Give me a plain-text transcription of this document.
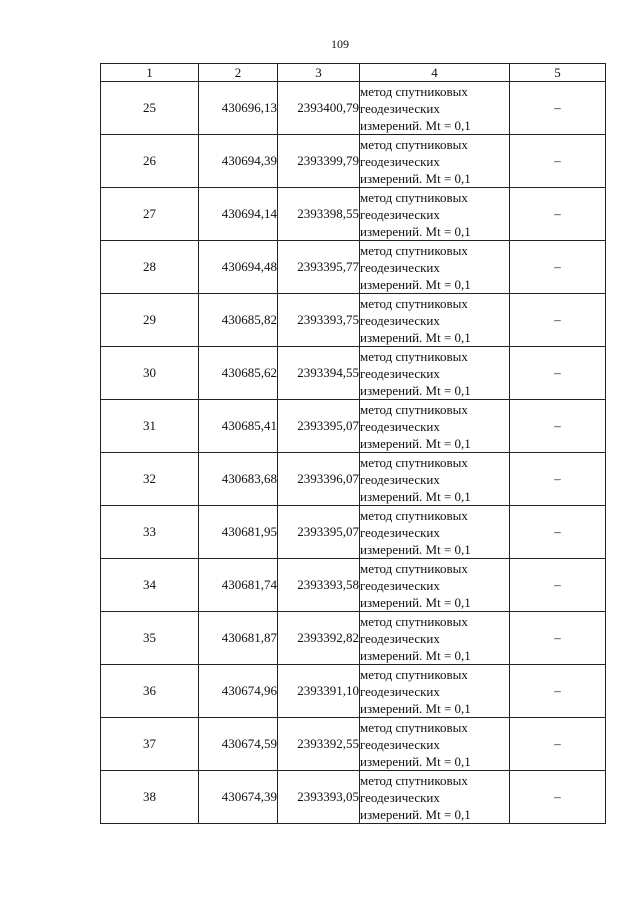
109
1	2	3	4	5
25	430696,13	2393400,79	метод спутниковых
геодезических
измерений. Mt = 0,1	–
26	430694,39	2393399,79	метод спутниковых
геодезических
измерений. Mt = 0,1	–
27	430694,14	2393398,55	метод спутниковых
геодезических
измерений. Mt = 0,1	–
28	430694,48	2393395,77	метод спутниковых
геодезических
измерений. Mt = 0,1	–
29	430685,82	2393393,75	метод спутниковых
геодезических
измерений. Mt = 0,1	–
30	430685,62	2393394,55	метод спутниковых
геодезических
измерений. Mt = 0,1	–
31	430685,41	2393395,07	метод спутниковых
геодезических
измерений. Mt = 0,1	–
32	430683,68	2393396,07	метод спутниковых
геодезических
измерений. Mt = 0,1	–
33	430681,95	2393395,07	метод спутниковых
геодезических
измерений. Mt = 0,1	–
34	430681,74	2393393,58	метод спутниковых
геодезических
измерений. Mt = 0,1	–
35	430681,87	2393392,82	метод спутниковых
геодезических
измерений. Mt = 0,1	–
36	430674,96	2393391,10	метод спутниковых
геодезических
измерений. Mt = 0,1	–
37	430674,59	2393392,55	метод спутниковых
геодезических
измерений. Mt = 0,1	–
38	430674,39	2393393,05	метод спутниковых
геодезических
измерений. Mt = 0,1	–
